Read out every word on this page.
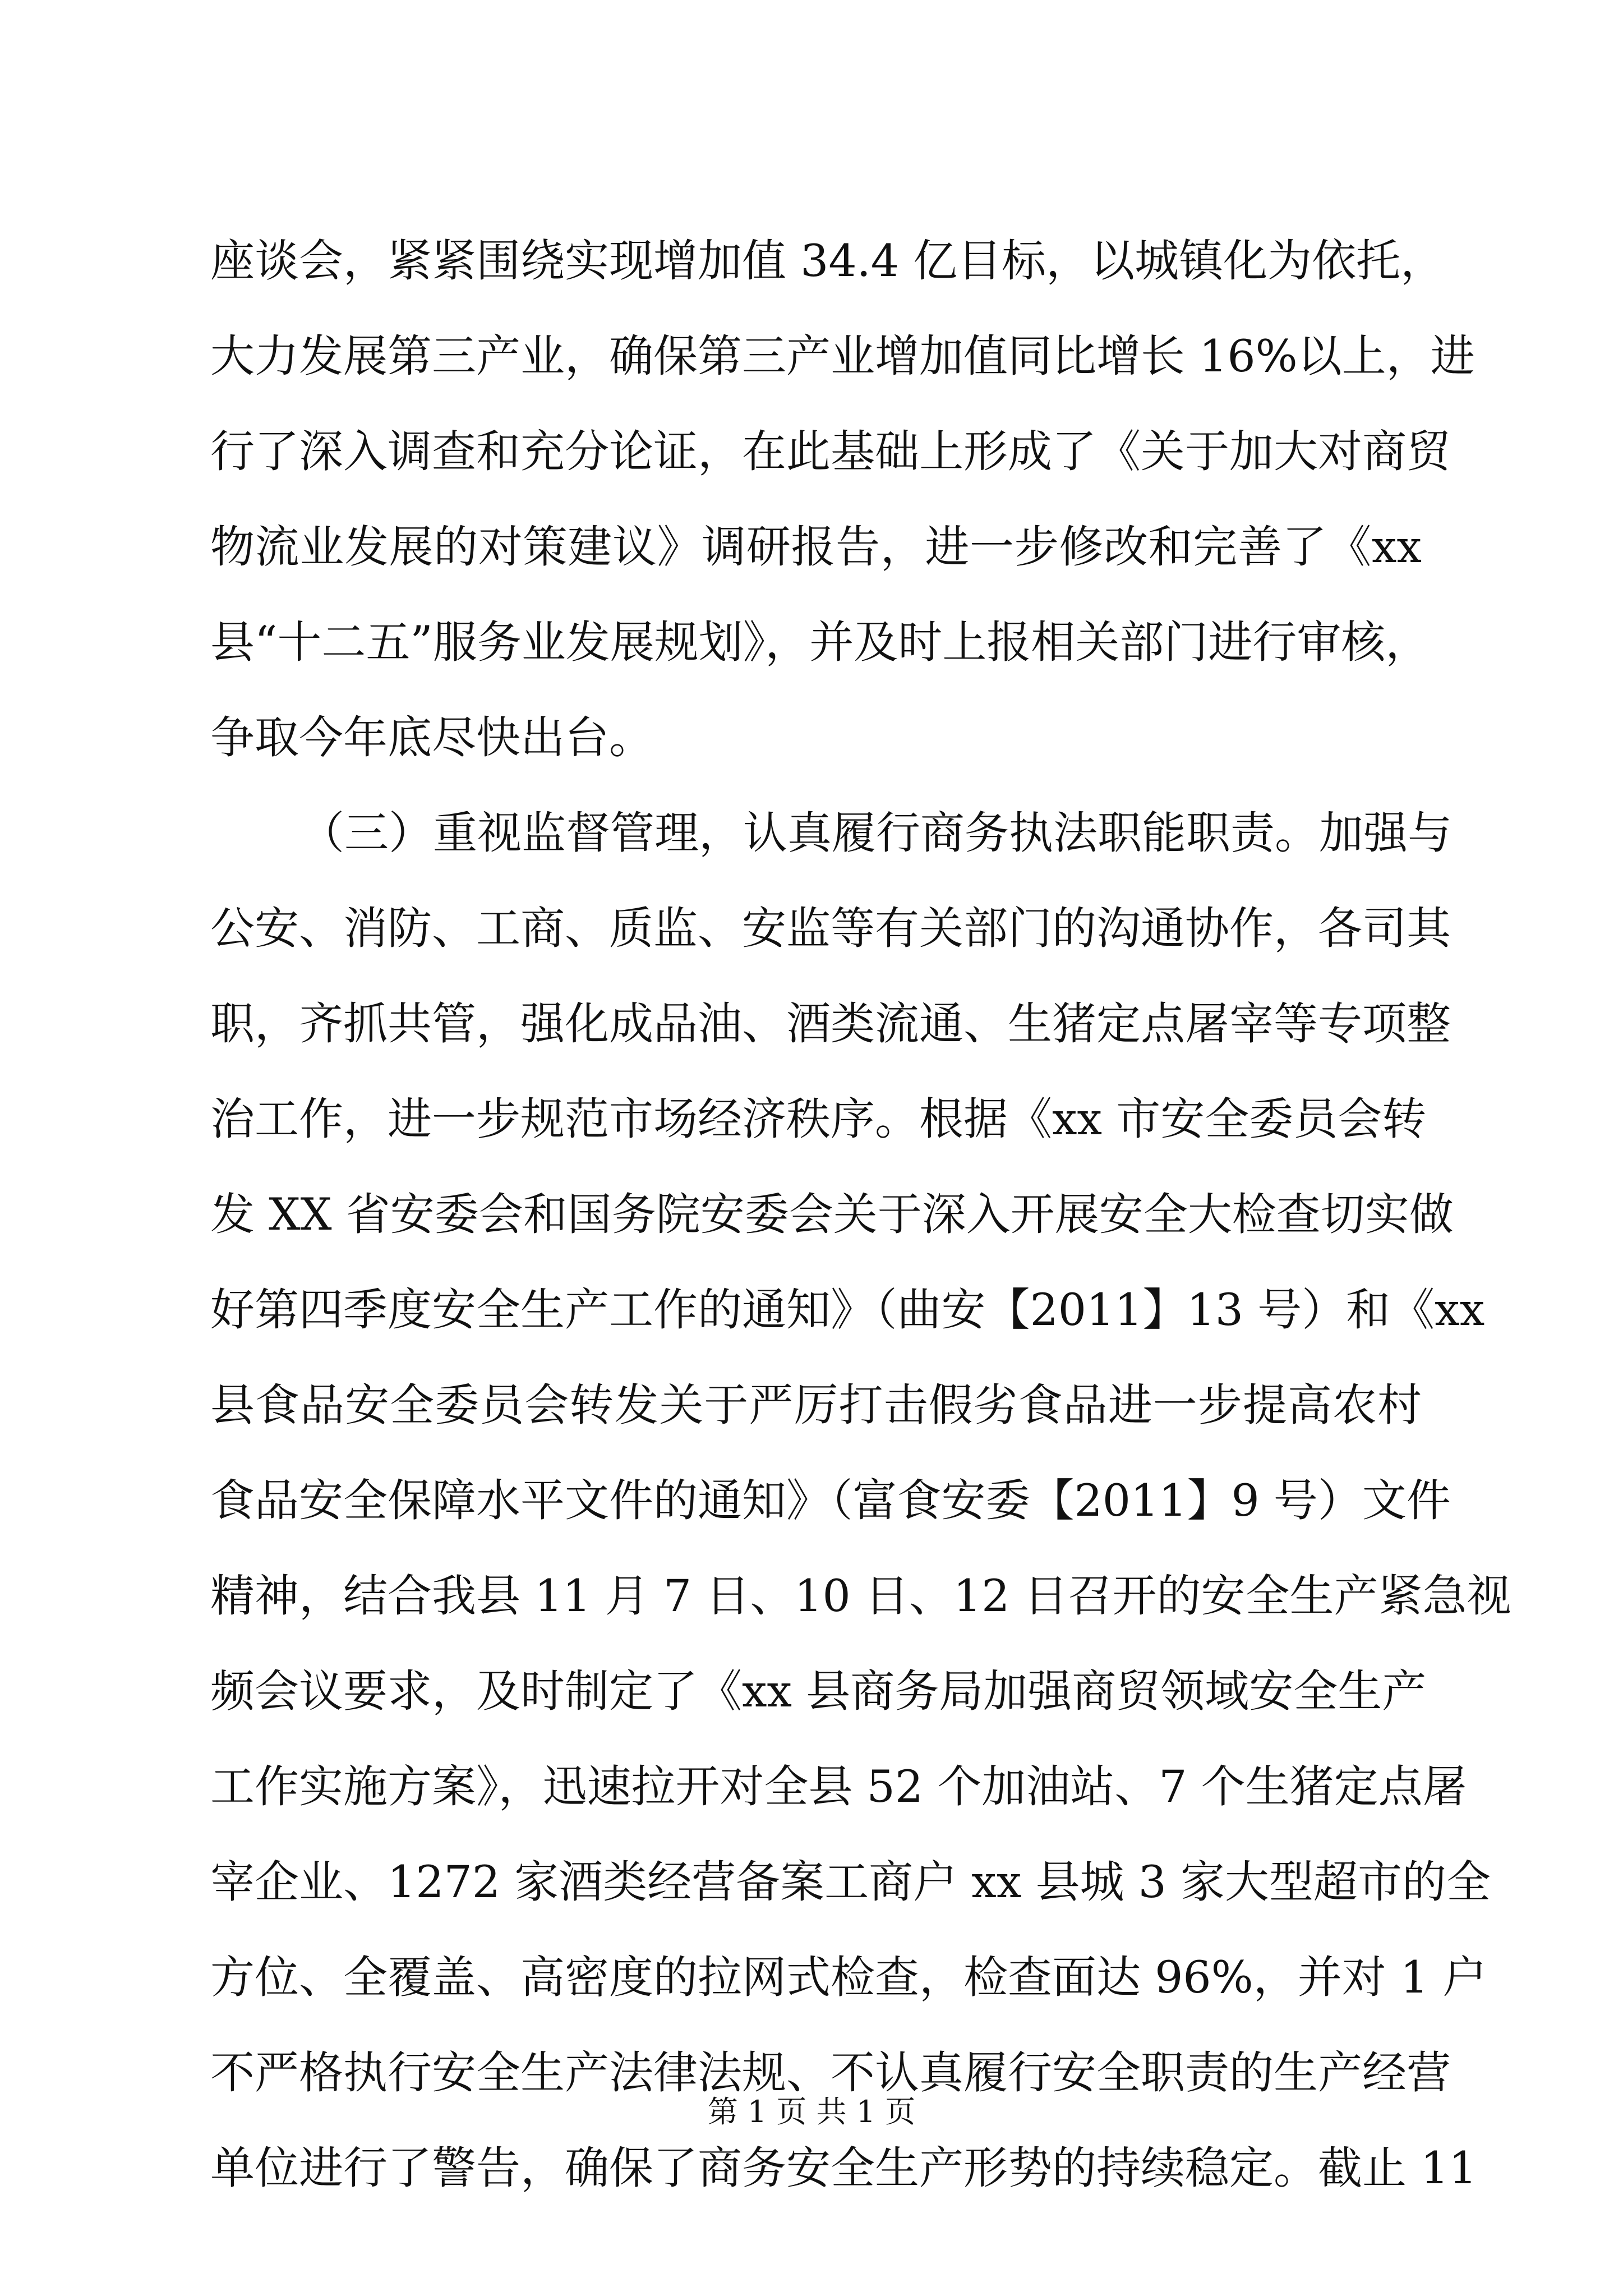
座谈会，紧紧围绕实现增加值 34.4 亿目标，以城镇化为依托，
大力发展第三产业，确保第三产业增加值同比增长 16%以上，进
行了深入调查和充分论证，在此基础上形成了《关于加大对商贸
物流业发展的对策建议》调研报告，进一步修改和完善了《xx
县“十二五”服务业发展规划》，并及时上报相关部门进行审核，
争取今年底尽快出台。
（三）重视监督管理，认真履行商务执法职能职责。加强与
公安、消防、工商、质监、安监等有关部门的沟通协作，各司其
职，齐抓共管，强化成品油、酒类流通、生猪定点屠宰等专项整
治工作，进一步规范市场经济秩序。根据《xx 市安全委员会转
发 XX 省安委会和国务院安委会关于深入开展安全大检查切实做
好第四季度安全生产工作的通知》（曲安【2011】13 号）和《xx
县食品安全委员会转发关于严厉打击假劣食品进一步提高农村
食品安全保障水平文件的通知》（富食安委【2011】9 号）文件
精神，结合我县 11 月 7 日、10 日、12 日召开的安全生产紧急视
频会议要求，及时制定了《xx 县商务局加强商贸领域安全生产
工作实施方案》，迅速拉开对全县 52 个加油站、7 个生猪定点屠
宰企业、1272 家酒类经营备案工商户 xx 县城 3 家大型超市的全
方位、全覆盖、高密度的拉网式检查，检查面达 96%，并对 1 户
不严格执行安全生产法律法规、不认真履行安全职责的生产经营
单位进行了警告，确保了商务安全生产形势的持续稳定。截止 11
第 1 页 共 1 页
